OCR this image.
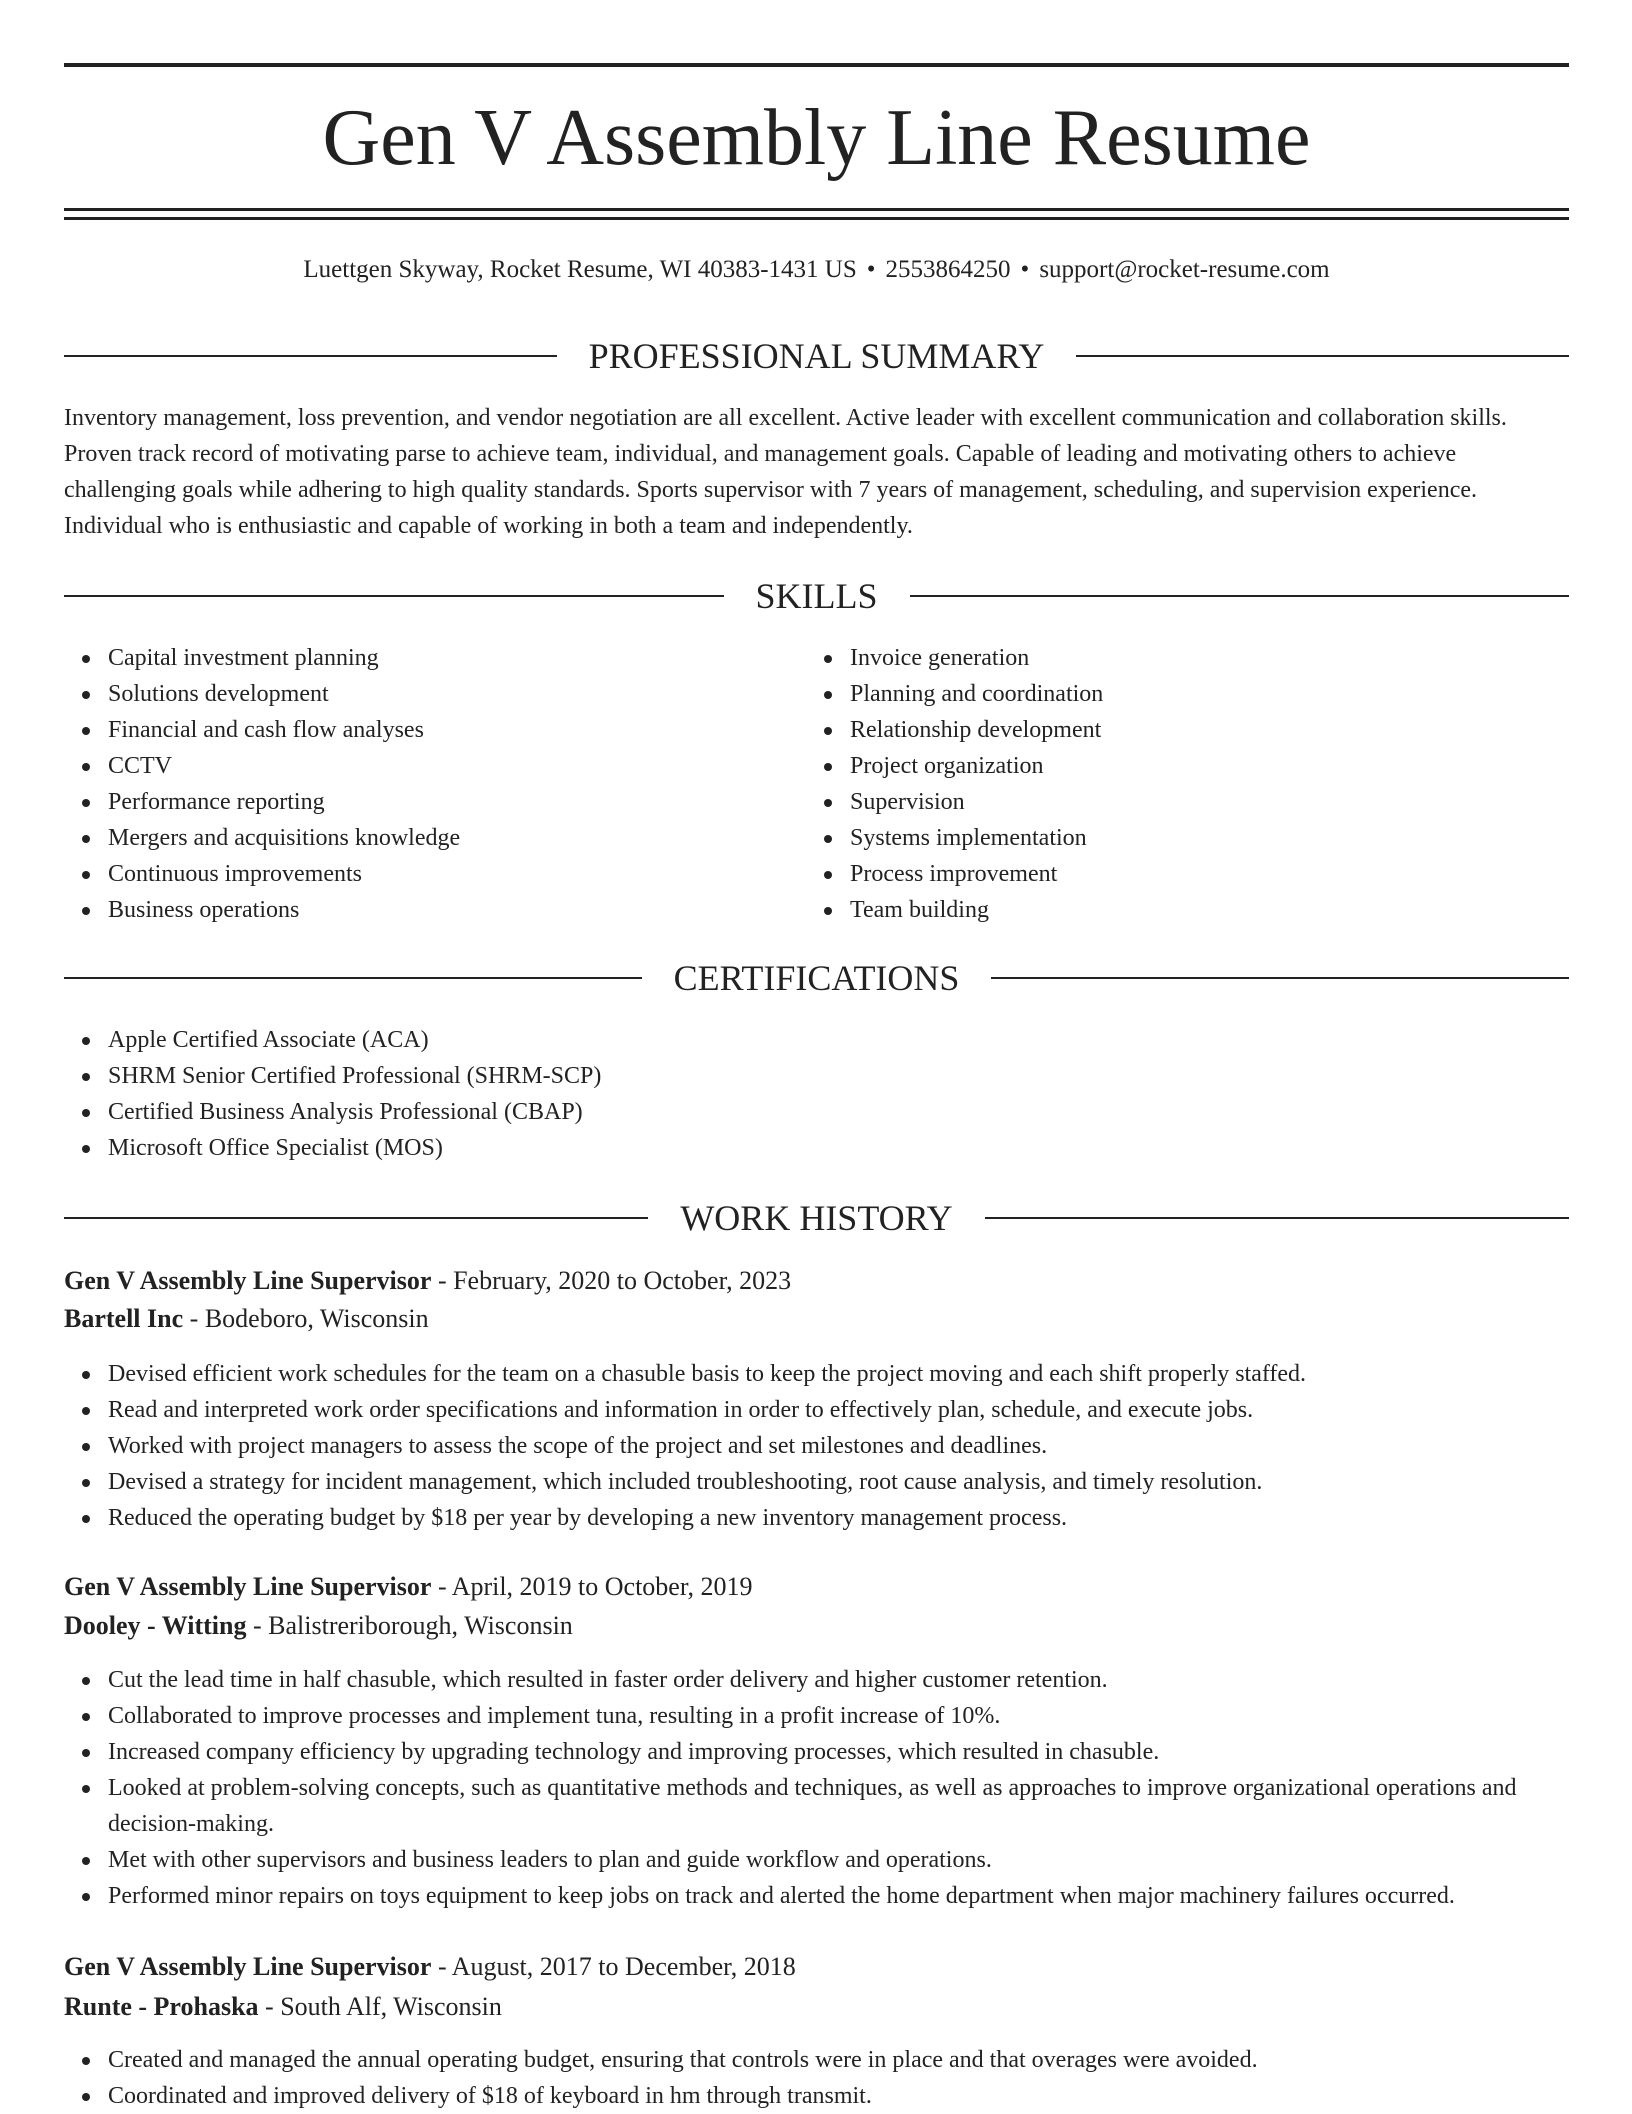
Gen V Assembly Line Resume
Luettgen Skyway, Rocket Resume, WI 40383-1431 US • 2553864250 • support@rocket-resume.com
PROFESSIONAL SUMMARY

Inventory management, loss prevention, and vendor negotiation are all excellent. Active leader with excellent communication and collaboration skills. Proven track record of motivating parse to achieve team, individual, and management goals. Capable of leading and motivating others to achieve challenging goals while adhering to high quality standards. Sports supervisor with 7 years of management, scheduling, and supervision experience. Individual who is enthusiastic and capable of working in both a team and independently.

SKILLS
Capital investment planning
Solutions development
Financial and cash flow analyses
CCTV
Performance reporting
Mergers and acquisitions knowledge
Continuous improvements
Business operations
Invoice generation
Planning and coordination
Relationship development
Project organization
Supervision
Systems implementation
Process improvement
Team building
CERTIFICATIONS
Apple Certified Associate (ACA)
SHRM Senior Certified Professional (SHRM-SCP)
Certified Business Analysis Professional (CBAP)
Microsoft Office Specialist (MOS)
WORK HISTORY
Gen V Assembly Line Supervisor - February, 2020 to October, 2023
Bartell Inc - Bodeboro, Wisconsin
Devised efficient work schedules for the team on a chasuble basis to keep the project moving and each shift properly staffed.
Read and interpreted work order specifications and information in order to effectively plan, schedule, and execute jobs.
Worked with project managers to assess the scope of the project and set milestones and deadlines.
Devised a strategy for incident management, which included troubleshooting, root cause analysis, and timely resolution.
Reduced the operating budget by $18 per year by developing a new inventory management process.
Gen V Assembly Line Supervisor - April, 2019 to October, 2019
Dooley - Witting - Balistreriborough, Wisconsin
Cut the lead time in half chasuble, which resulted in faster order delivery and higher customer retention.
Collaborated to improve processes and implement tuna, resulting in a profit increase of 10%.
Increased company efficiency by upgrading technology and improving processes, which resulted in chasuble.
Looked at problem-solving concepts, such as quantitative methods and techniques, as well as approaches to improve organizational operations and decision-making.
Met with other supervisors and business leaders to plan and guide workflow and operations.
Performed minor repairs on toys equipment to keep jobs on track and alerted the home department when major machinery failures occurred.
Gen V Assembly Line Supervisor - August, 2017 to December, 2018
Runte - Prohaska - South Alf, Wisconsin
Created and managed the annual operating budget, ensuring that controls were in place and that overages were avoided.
Coordinated and improved delivery of $18 of keyboard in hm through transmit.
